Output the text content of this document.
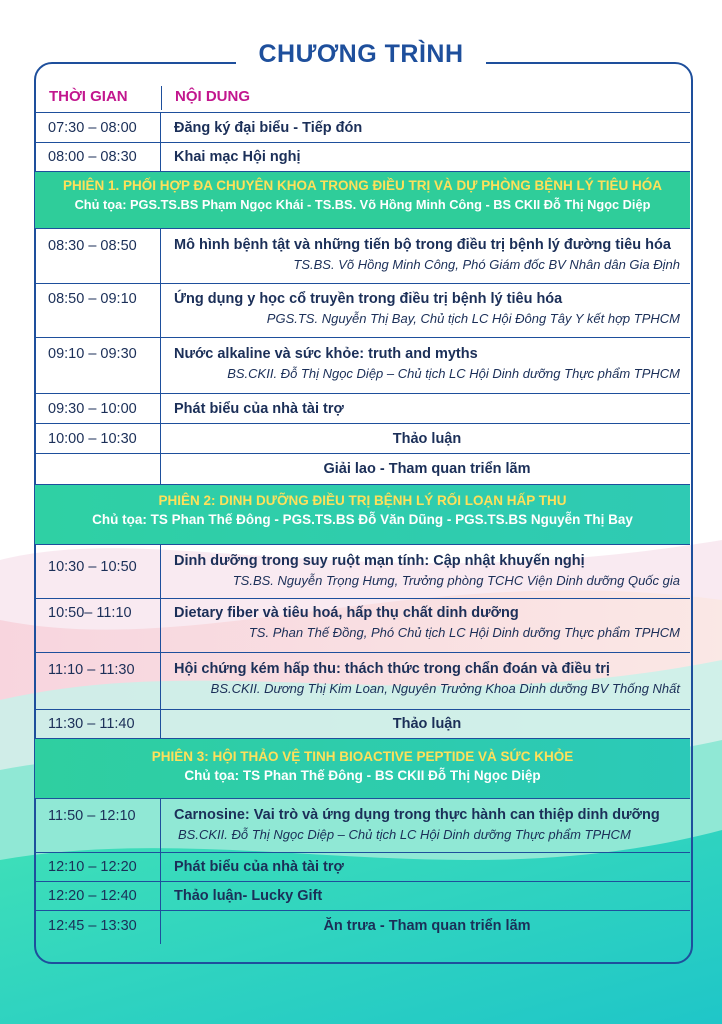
CHƯƠNG TRÌNH
THỜI GIAN	NỘI DUNG
07:30 – 08:00	Đăng ký đại biểu - Tiếp đón
08:00 – 08:30	Khai mạc Hội nghị
PHIÊN 1. PHỐI HỢP ĐA CHUYÊN KHOA TRONG ĐIỀU TRỊ VÀ DỰ PHÒNG BỆNH LÝ TIÊU HÓA
Chủ tọa: PGS.TS.BS Phạm Ngọc Khái - TS.BS. Võ Hồng Minh Công - BS CKII Đỗ Thị Ngọc Diệp
08:30 – 08:50	Mô hình bệnh tật và những tiến bộ trong điều trị bệnh lý đường tiêu hóa
TS.BS. Võ Hồng Minh Công, Phó Giám đốc BV Nhân dân Gia Định
08:50 – 09:10	Ứng dụng y học cổ truyền trong điều trị bệnh lý tiêu hóa
PGS.TS. Nguyễn Thị Bay, Chủ tịch LC Hội Đông Tây Y kết hợp TPHCM
09:10 – 09:30	Nước alkaline và sức khỏe: truth and myths
BS.CKII. Đỗ Thị Ngọc Diệp – Chủ tịch LC Hội Dinh dưỡng Thực phẩm TPHCM
09:30 – 10:00	Phát biểu của nhà tài trợ
10:00 – 10:30	Thảo luận
Giải lao - Tham quan triển lãm
PHIÊN 2: DINH DƯỠNG ĐIỀU TRỊ BỆNH LÝ RỐI LOẠN HẤP THU
Chủ tọa: TS Phan Thế Đông - PGS.TS.BS Đỗ Văn Dũng - PGS.TS.BS Nguyễn Thị Bay
10:30 – 10:50	Dinh dưỡng trong suy ruột mạn tính: Cập nhật khuyến nghị
TS.BS. Nguyễn Trọng Hưng, Trưởng phòng TCHC Viện Dinh dưỡng Quốc gia
10:50– 11:10	Dietary fiber và tiêu hoá, hấp thụ chất dinh dưỡng
TS. Phan Thế Đồng, Phó Chủ tịch LC Hội Dinh dưỡng Thực phẩm TPHCM
11:10 – 11:30	Hội chứng kém hấp thu: thách thức trong chẩn đoán và điều trị
BS.CKII. Dương Thị Kim Loan, Nguyên Trưởng Khoa Dinh dưỡng BV Thống Nhất
11:30 – 11:40	Thảo luận
PHIÊN 3: HỘI THẢO VỆ TINH BIOACTIVE PEPTIDE VÀ SỨC KHỎE
Chủ tọa: TS Phan Thế Đông - BS CKII Đỗ Thị Ngọc Diệp
11:50 – 12:10	Carnosine: Vai trò và ứng dụng trong thực hành can thiệp dinh dưỡng
BS.CKII. Đỗ Thị Ngọc Diệp – Chủ tịch LC Hội Dinh dưỡng Thực phẩm TPHCM
12:10 – 12:20	Phát biểu của nhà tài trợ
12:20 – 12:40	Thảo luận- Lucky Gift
12:45 – 13:30	Ăn trưa - Tham quan triển lãm
